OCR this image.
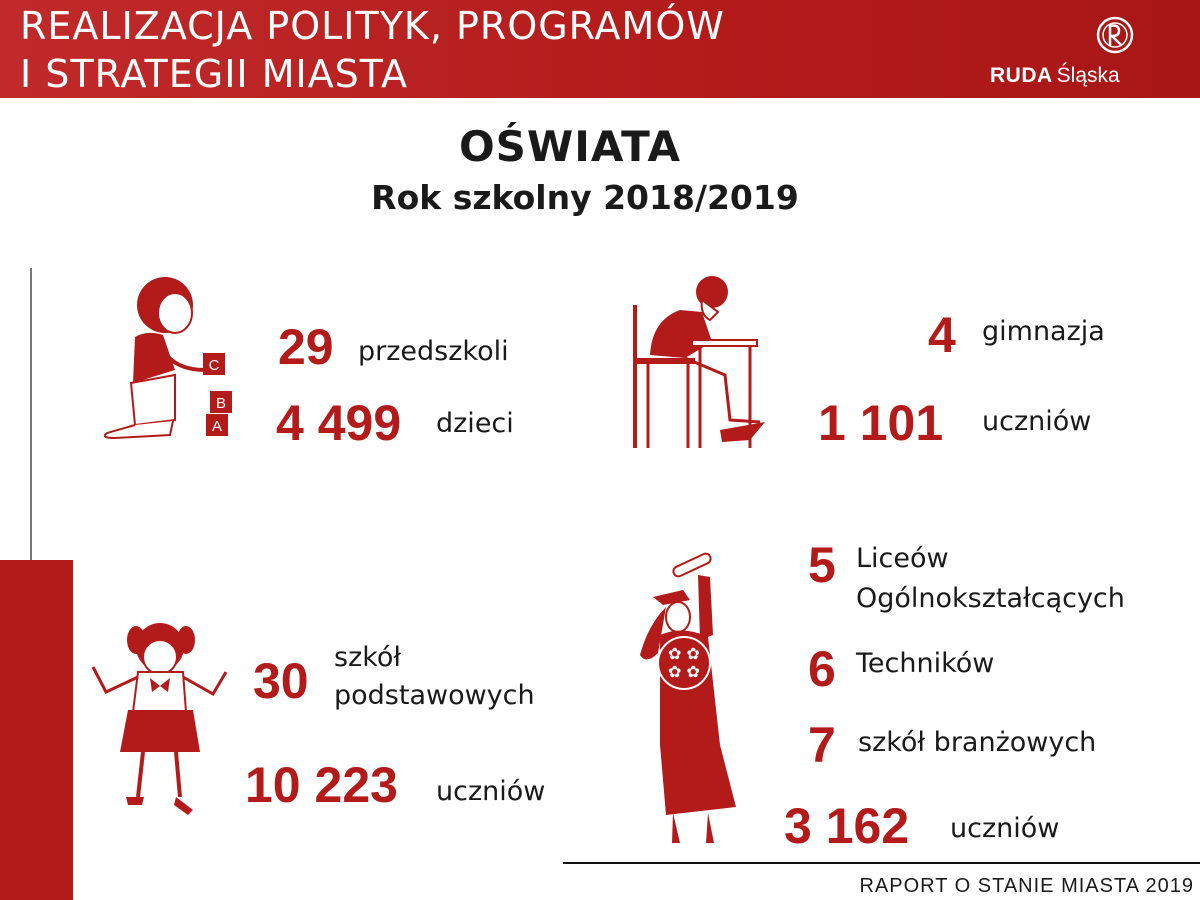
REALIZACJA POLITYK, PROGRAMÓW
I STRATEGII MIASTA	RUDA Śląska
OŚWIATA
Rok szkolny 2018/2019
C
B
A
29 przedszkoli
4 499 dzieci
4 gimnazja
1 101 uczniów
30 szkół
podstawowych
10 223 uczniów
✿ ✿
✿ ✿
5 Liceów
Ogólnokształcących
6 Techników
7 szkół branżowych
3 162 uczniów
RAPORT O STANIE MIASTA 2019
